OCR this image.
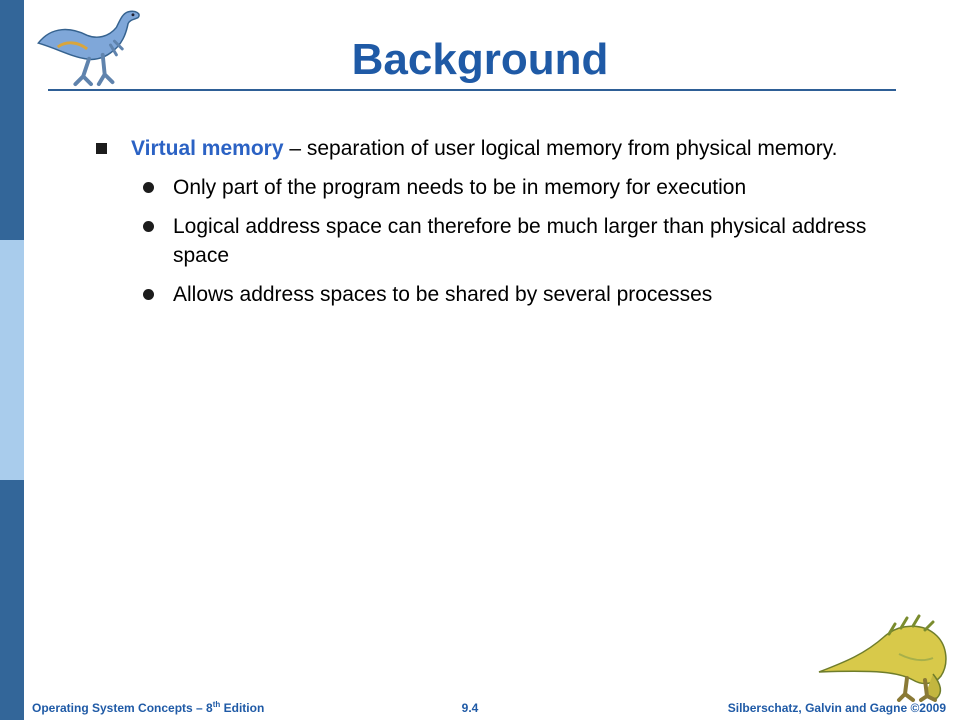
Background
Virtual memory – separation of user logical memory from physical memory.
Only part of the program needs to be in memory for execution
Logical address space can therefore be much larger than physical address space
Allows address spaces to be shared by several processes
Operating System Concepts – 8th Edition	9.4	Silberschatz, Galvin and Gagne ©2009
